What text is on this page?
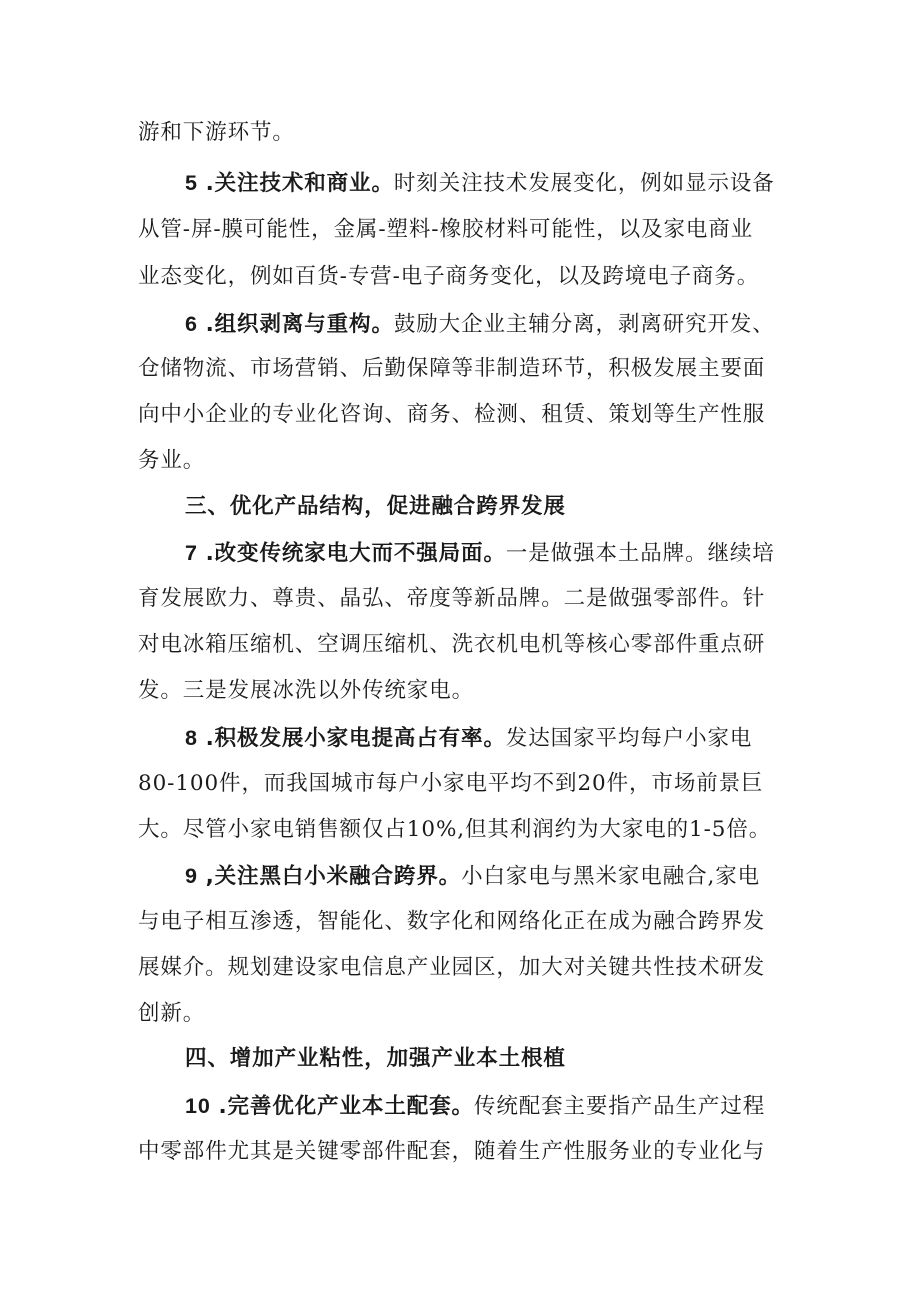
游和下游环节。
5 .关注技术和商业。时刻关注技术发展变化，例如显示设备
从管-屏-膜可能性，金属-塑料-橡胶材料可能性，以及家电商业
业态变化，例如百货-专营-电子商务变化，以及跨境电子商务。
6 .组织剥离与重构。鼓励大企业主辅分离，剥离研究开发、
仓储物流、市场营销、后勤保障等非制造环节，积极发展主要面
向中小企业的专业化咨询、商务、检测、租赁、策划等生产性服
务业。
三、优化产品结构，促进融合跨界发展
7 .改变传统家电大而不强局面。一是做强本土品牌。继续培
育发展欧力、尊贵、晶弘、帝度等新品牌。二是做强零部件。针
对电冰箱压缩机、空调压缩机、洗衣机电机等核心零部件重点研
发。三是发展冰洗以外传统家电。
8 .积极发展小家电提高占有率。发达国家平均每户小家电
80-100件，而我国城市每户小家电平均不到20件，市场前景巨
大。尽管小家电销售额仅占10%,但其利润约为大家电的1-5倍。
9 ,关注黑白小米融合跨界。小白家电与黑米家电融合,家电
与电子相互渗透，智能化、数字化和网络化正在成为融合跨界发
展媒介。规划建设家电信息产业园区，加大对关键共性技术研发
创新。
四、增加产业粘性，加强产业本土根植
10 .完善优化产业本土配套。传统配套主要指产品生产过程
中零部件尤其是关键零部件配套，随着生产性服务业的专业化与
